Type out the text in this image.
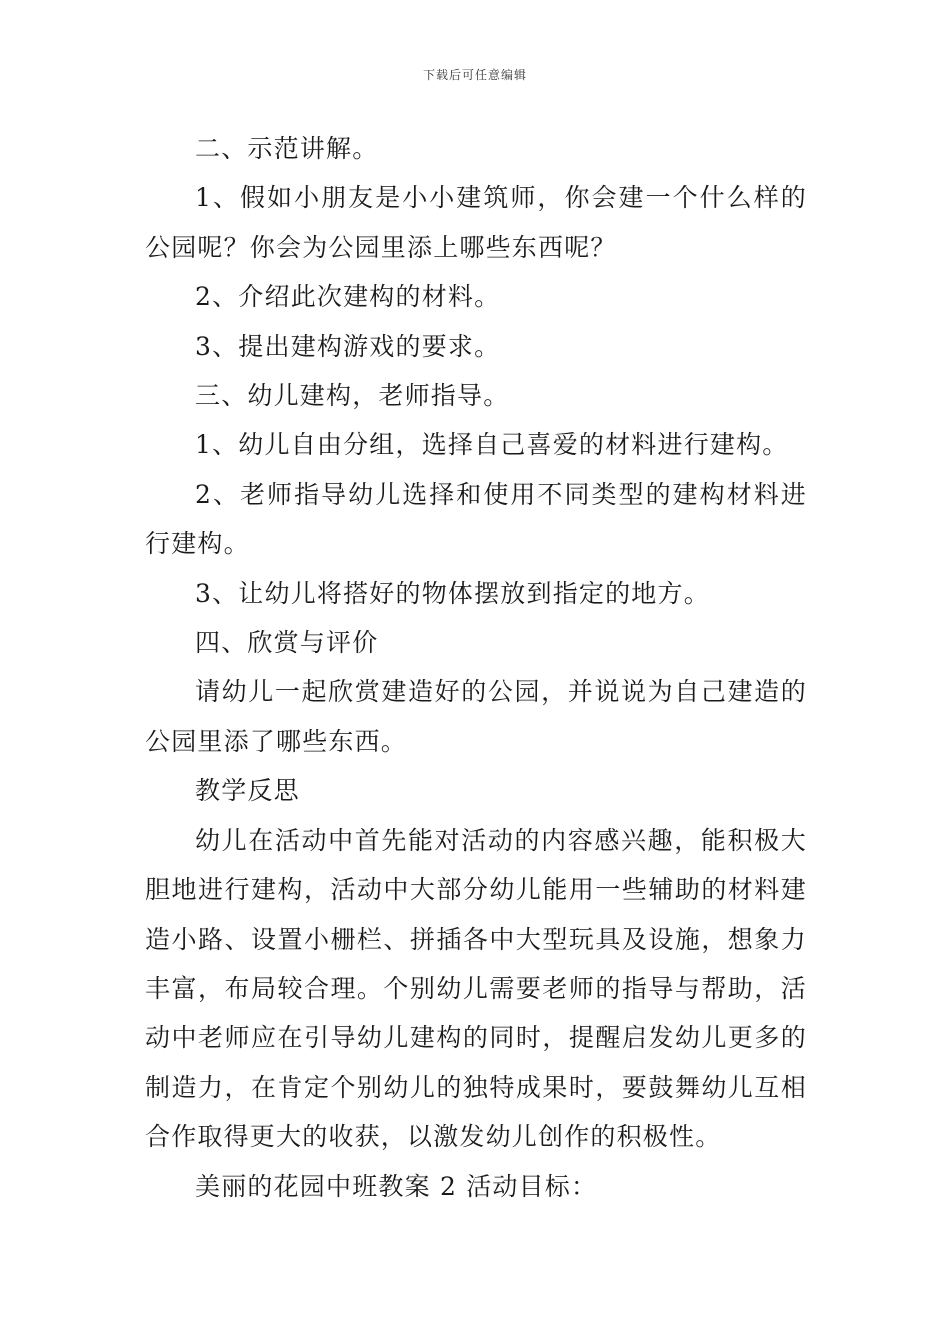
下载后可任意编辑

二、示范讲解。

1、假如小朋友是小小建筑师，你会建一个什么样的公园呢？你会为公园里添上哪些东西呢？

2、介绍此次建构的材料。

3、提出建构游戏的要求。

三、幼儿建构，老师指导。

1、幼儿自由分组，选择自己喜爱的材料进行建构。

2、老师指导幼儿选择和使用不同类型的建构材料进行建构。

3、让幼儿将搭好的物体摆放到指定的地方。

四、欣赏与评价

请幼儿一起欣赏建造好的公园，并说说为自己建造的公园里添了哪些东西。

教学反思

幼儿在活动中首先能对活动的内容感兴趣，能积极大胆地进行建构，活动中大部分幼儿能用一些辅助的材料建造小路、设置小栅栏、拼插各中大型玩具及设施，想象力丰富，布局较合理。个别幼儿需要老师的指导与帮助，活动中老师应在引导幼儿建构的同时，提醒启发幼儿更多的制造力，在肯定个别幼儿的独特成果时，要鼓舞幼儿互相合作取得更大的收获，以激发幼儿创作的积极性。

美丽的花园中班教案 2 活动目标：
